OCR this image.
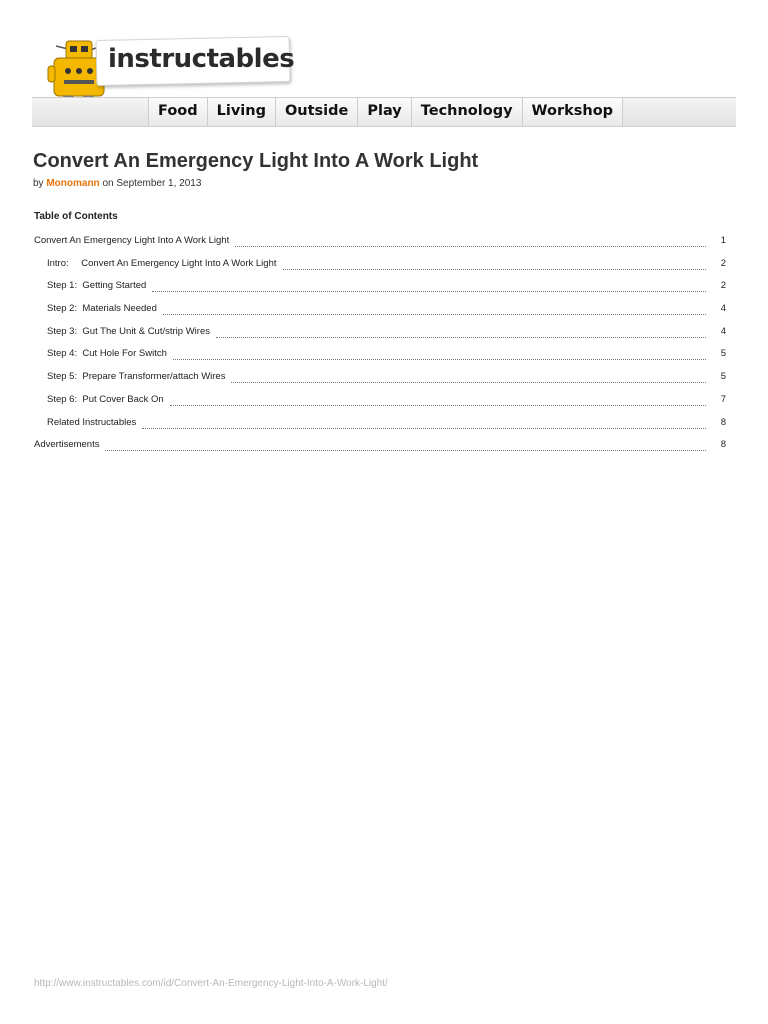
instructables
Food	Living	Outside	Play	Technology	Workshop
Convert An Emergency Light Into A Work Light
by Monomann on September 1, 2013
Table of Contents
Convert An Emergency Light Into A Work Light	1
Intro: Convert An Emergency Light Into A Work Light	2
Step 1: Getting Started	2
Step 2: Materials Needed	4
Step 3: Gut The Unit & Cut/strip Wires	4
Step 4: Cut Hole For Switch	5
Step 5: Prepare Transformer/attach Wires	5
Step 6: Put Cover Back On	7
Related Instructables	8
Advertisements	8
http://www.instructables.com/id/Convert-An-Emergency-Light-Into-A-Work-Light/
